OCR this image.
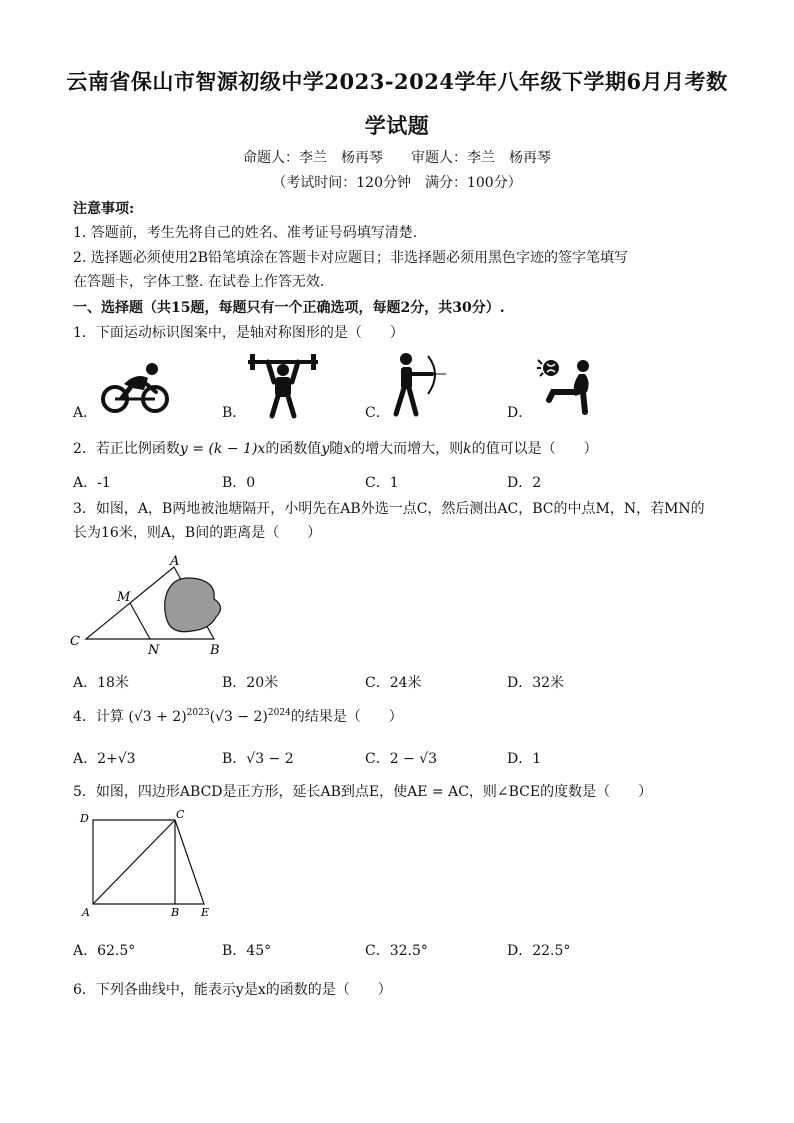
云南省保山市智源初级中学2023-2024学年八年级下学期6月月考数
学试题
命题人：李兰　杨再琴　　审题人：李兰　杨再琴
（考试时间：120分钟　满分：100分）
注意事项:
1. 答题前，考生先将自己的姓名、准考证号码填写清楚.
2. 选择题必须使用2B铅笔填涂在答题卡对应题目；非选择题必须用黑色字迹的签字笔填写
在答题卡，字体工整. 在试卷上作答无效.
一、选择题（共15题，每题只有一个正确选项，每题2分，共30分）.
1．下面运动标识图案中，是轴对称图形的是（　　）
A．	B．	C．	D．
2．若正比例函数y = (k − 1)x的函数值y随x的增大而增大，则k的值可以是（　　）
A．-1	B．0	C．1	D．2
3．如图，A，B两地被池塘隔开，小明先在AB外选一点C，然后测出AC，BC的中点M，N，若MN的
长为16米，则A，B间的距离是（　　）
A
M
C
N	B
A．18米	B．20米	C．24米	D．32米
4．计算 $(√3 + 2)^{2023}(√3 - 2)^{2024}$的结果是（　　）
A．2+√3	B．√3 − 2	C．2 − √3	D．1
5．如图，四边形ABCD是正方形，延长AB到点E，使AE = AC，则∠BCE的度数是（　　）
D	C
A	B E
A．62.5°	B．45°	C．32.5°	D．22.5°
6．下列各曲线中，能表示y是x的函数的是（　　）
